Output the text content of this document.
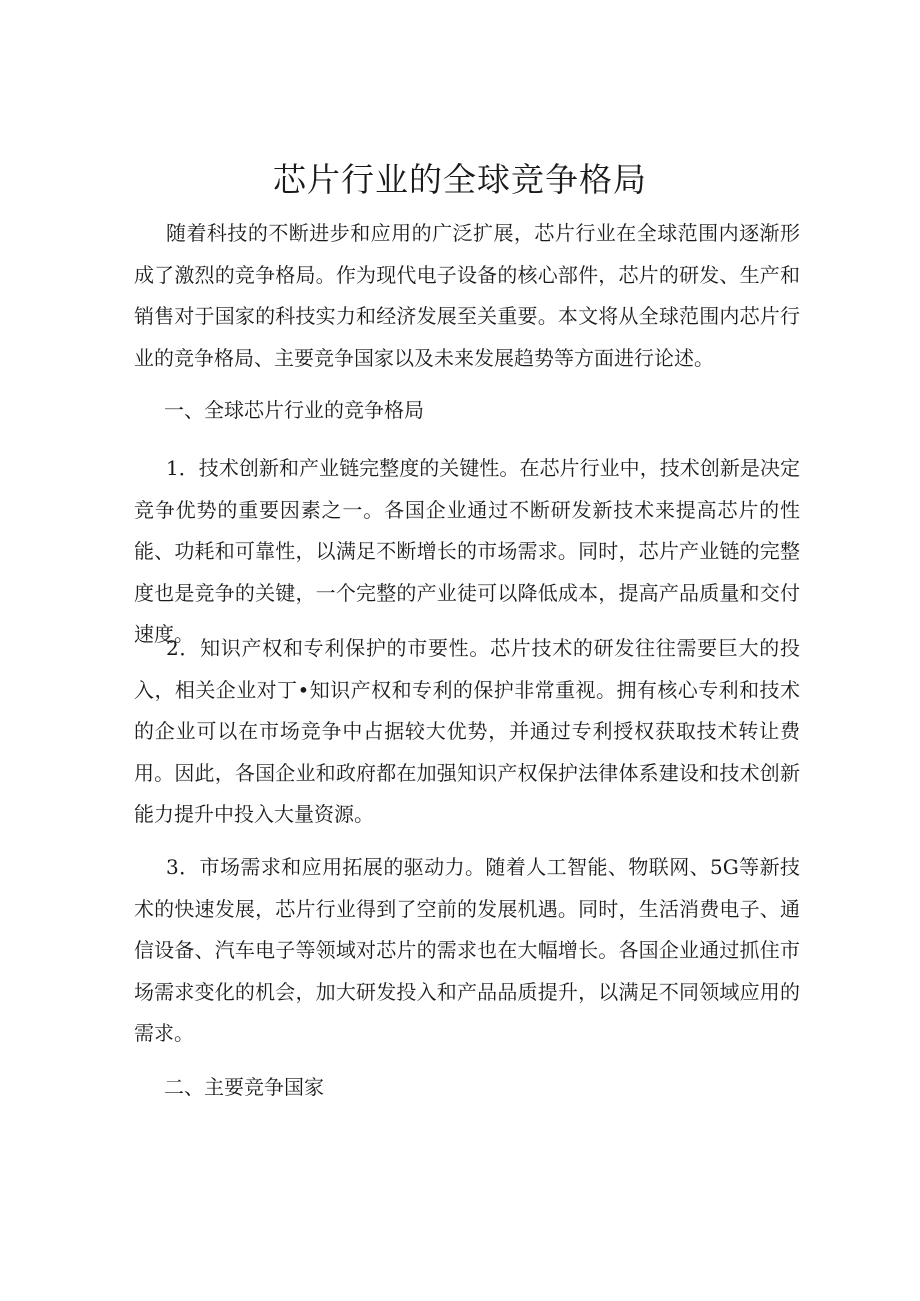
芯片行业的全球竞争格局

随着科技的不断进步和应用的广泛扩展，芯片行业在全球范围内逐渐形成了激烈的竞争格局。作为现代电子设备的核心部件，芯片的研发、生产和销售对于国家的科技实力和经济发展至关重要。本文将从全球范围内芯片行业的竞争格局、主要竞争国家以及未来发展趋势等方面进行论述。

一、全球芯片行业的竞争格局

1．技术创新和产业链完整度的关键性。在芯片行业中，技术创新是决定竞争优势的重要因素之一。各国企业通过不断研发新技术来提高芯片的性能、功耗和可靠性，以满足不断增长的市场需求。同时，芯片产业链的完整度也是竞争的关键，一个完整的产业徒可以降低成本，提高产品质量和交付速度。

2．知识产权和专利保护的市要性。芯片技术的研发往往需要巨大的投入，相关企业对丁•知识产权和专利的保护非常重视。拥有核心专利和技术的企业可以在市场竞争中占据较大优势，并通过专利授权获取技术转让费用。因此，各国企业和政府都在加强知识产权保护法律体系建设和技术创新能力提升中投入大量资源。

3．市场需求和应用拓展的驱动力。随着人工智能、物联网、5G等新技术的快速发展，芯片行业得到了空前的发展机遇。同时，生活消费电子、通信设备、汽车电子等领域对芯片的需求也在大幅增长。各国企业通过抓住市场需求变化的机会，加大研发投入和产品品质提升，以满足不同领域应用的需求。

二、主要竞争国家
